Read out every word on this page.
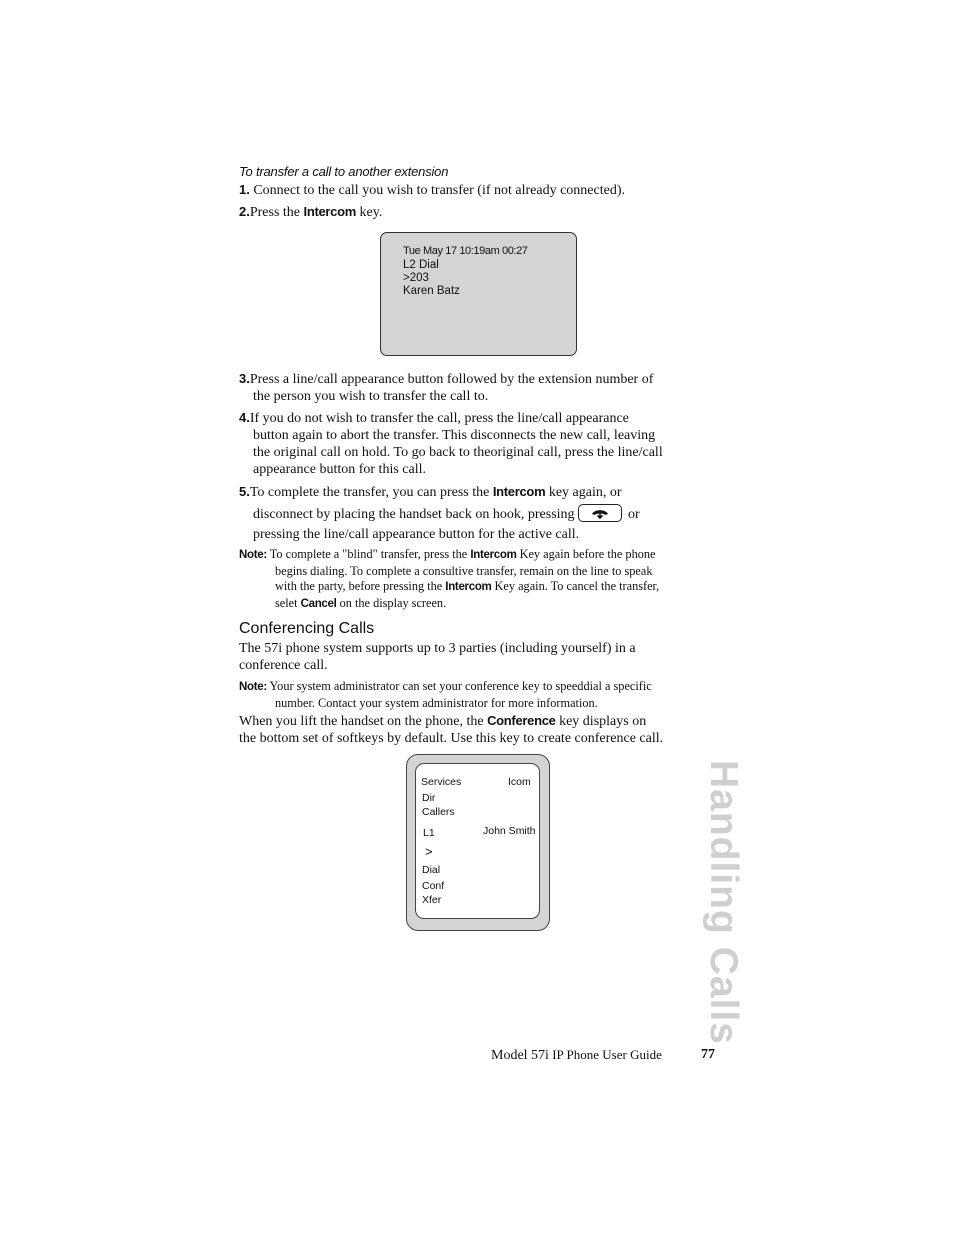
To transfer a call to another extension
1. Connect to the call you wish to transfer (if not already connected).
2.Press the Intercom key.
Tue May 17 10:19am 00:27
L2 Dial
>203
Karen Batz
3.Press a line/call appearance button followed by the extension number of
the person you wish to transfer the call to.
4.If you do not wish to transfer the call, press the line/call appearance
button again to abort the transfer. This disconnects the new call, leaving
the original call on hold. To go back to theoriginal call, press the line/call
appearance button for this call.
5.To complete the transfer, you can press the Intercom key again, or
disconnect by placing the handset back on hook, pressing	or
pressing the line/call appearance button for the active call.
Note: To complete a "blind" transfer, press the Intercom Key again before the phone
begins dialing. To complete a consultive transfer, remain on the line to speak
with the party, before pressing the Intercom Key again. To cancel the transfer,
selet Cancel on the display screen.
Conferencing Calls
The 57i phone system supports up to 3 parties (including yourself) in a
conference call.
Note: Your system administrator can set your conference key to speeddial a specific
number. Contact your system administrator for more information.
When you lift the handset on the phone, the Conference key displays on
the bottom set of softkeys by default. Use this key to create conference call.
Services	Icom
Dir
Callers
L1	John Smith
>
Dial
Conf
Xfer	Handling Calls
Model 57i IP Phone User Guide	77
